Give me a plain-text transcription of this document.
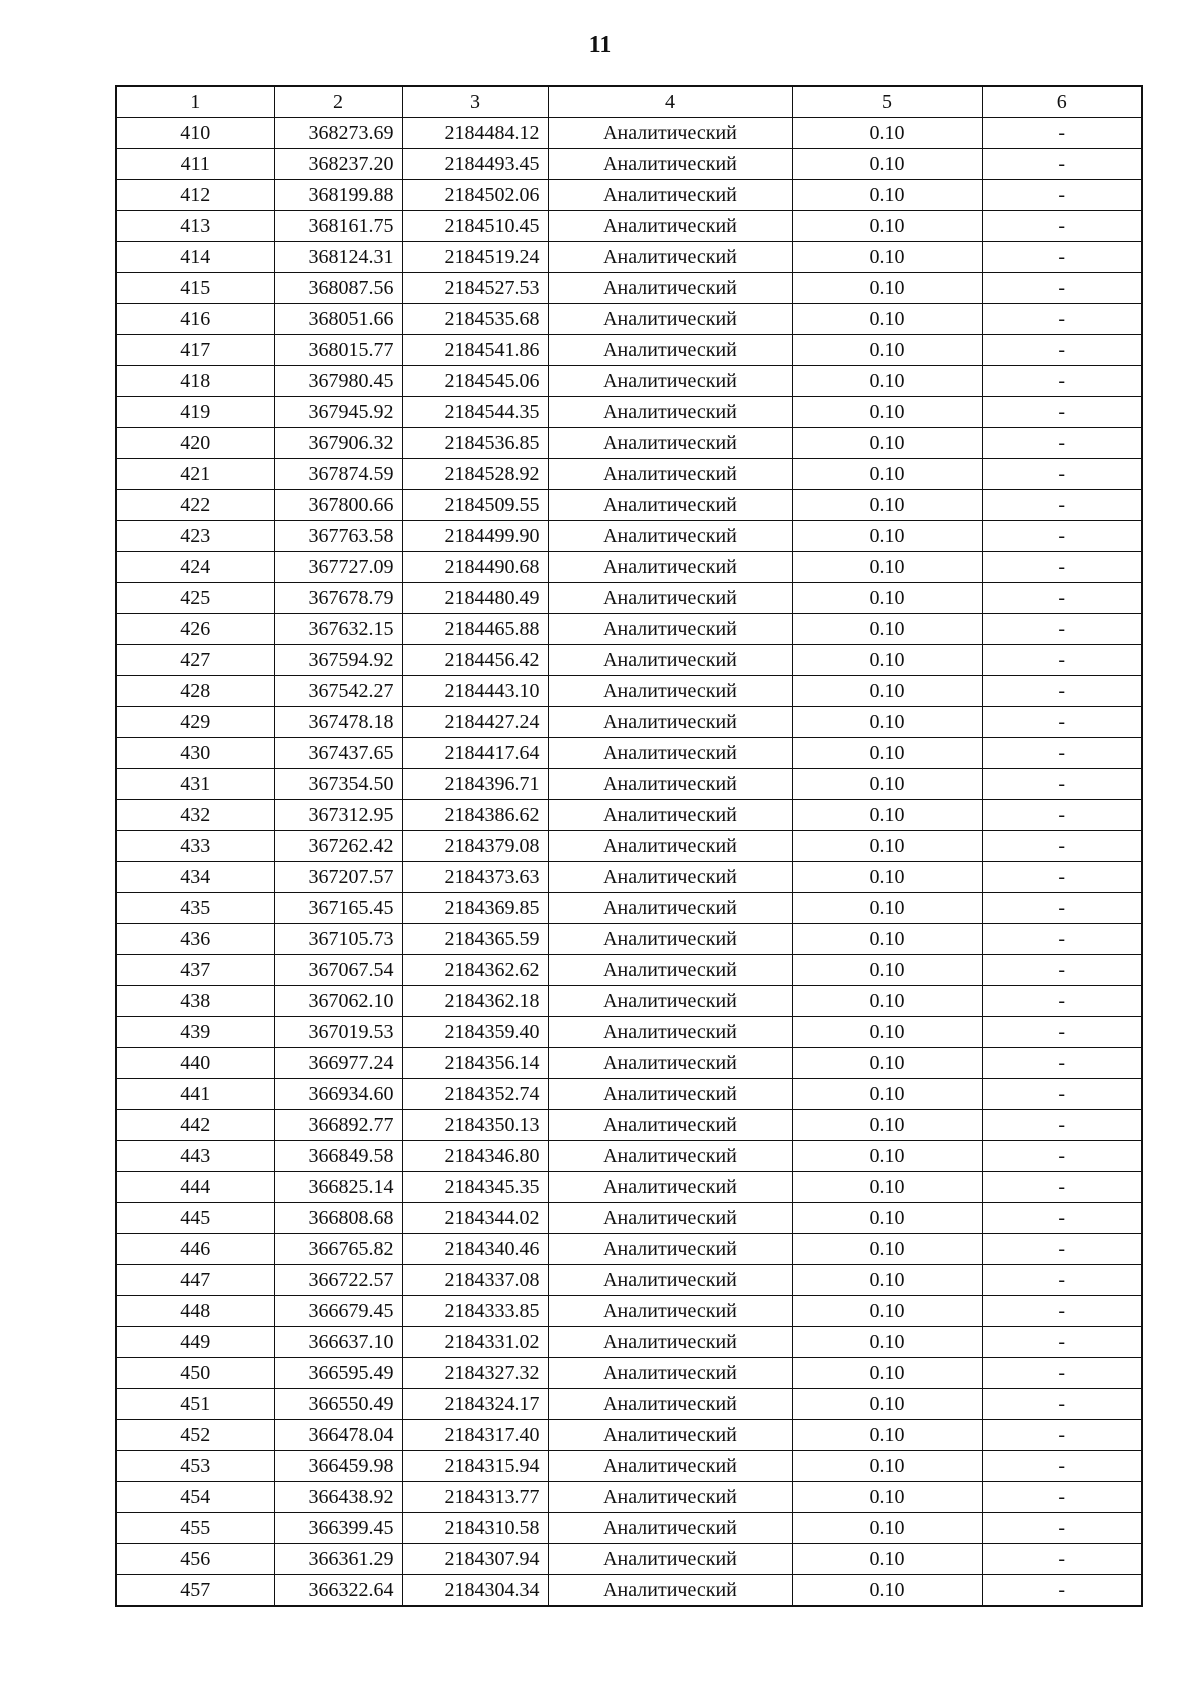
11
1	2	3	4	5	6
410	368273.69	2184484.12	Аналитический	0.10	-
411	368237.20	2184493.45	Аналитический	0.10	-
412	368199.88	2184502.06	Аналитический	0.10	-
413	368161.75	2184510.45	Аналитический	0.10	-
414	368124.31	2184519.24	Аналитический	0.10	-
415	368087.56	2184527.53	Аналитический	0.10	-
416	368051.66	2184535.68	Аналитический	0.10	-
417	368015.77	2184541.86	Аналитический	0.10	-
418	367980.45	2184545.06	Аналитический	0.10	-
419	367945.92	2184544.35	Аналитический	0.10	-
420	367906.32	2184536.85	Аналитический	0.10	-
421	367874.59	2184528.92	Аналитический	0.10	-
422	367800.66	2184509.55	Аналитический	0.10	-
423	367763.58	2184499.90	Аналитический	0.10	-
424	367727.09	2184490.68	Аналитический	0.10	-
425	367678.79	2184480.49	Аналитический	0.10	-
426	367632.15	2184465.88	Аналитический	0.10	-
427	367594.92	2184456.42	Аналитический	0.10	-
428	367542.27	2184443.10	Аналитический	0.10	-
429	367478.18	2184427.24	Аналитический	0.10	-
430	367437.65	2184417.64	Аналитический	0.10	-
431	367354.50	2184396.71	Аналитический	0.10	-
432	367312.95	2184386.62	Аналитический	0.10	-
433	367262.42	2184379.08	Аналитический	0.10	-
434	367207.57	2184373.63	Аналитический	0.10	-
435	367165.45	2184369.85	Аналитический	0.10	-
436	367105.73	2184365.59	Аналитический	0.10	-
437	367067.54	2184362.62	Аналитический	0.10	-
438	367062.10	2184362.18	Аналитический	0.10	-
439	367019.53	2184359.40	Аналитический	0.10	-
440	366977.24	2184356.14	Аналитический	0.10	-
441	366934.60	2184352.74	Аналитический	0.10	-
442	366892.77	2184350.13	Аналитический	0.10	-
443	366849.58	2184346.80	Аналитический	0.10	-
444	366825.14	2184345.35	Аналитический	0.10	-
445	366808.68	2184344.02	Аналитический	0.10	-
446	366765.82	2184340.46	Аналитический	0.10	-
447	366722.57	2184337.08	Аналитический	0.10	-
448	366679.45	2184333.85	Аналитический	0.10	-
449	366637.10	2184331.02	Аналитический	0.10	-
450	366595.49	2184327.32	Аналитический	0.10	-
451	366550.49	2184324.17	Аналитический	0.10	-
452	366478.04	2184317.40	Аналитический	0.10	-
453	366459.98	2184315.94	Аналитический	0.10	-
454	366438.92	2184313.77	Аналитический	0.10	-
455	366399.45	2184310.58	Аналитический	0.10	-
456	366361.29	2184307.94	Аналитический	0.10	-
457	366322.64	2184304.34	Аналитический	0.10	-
